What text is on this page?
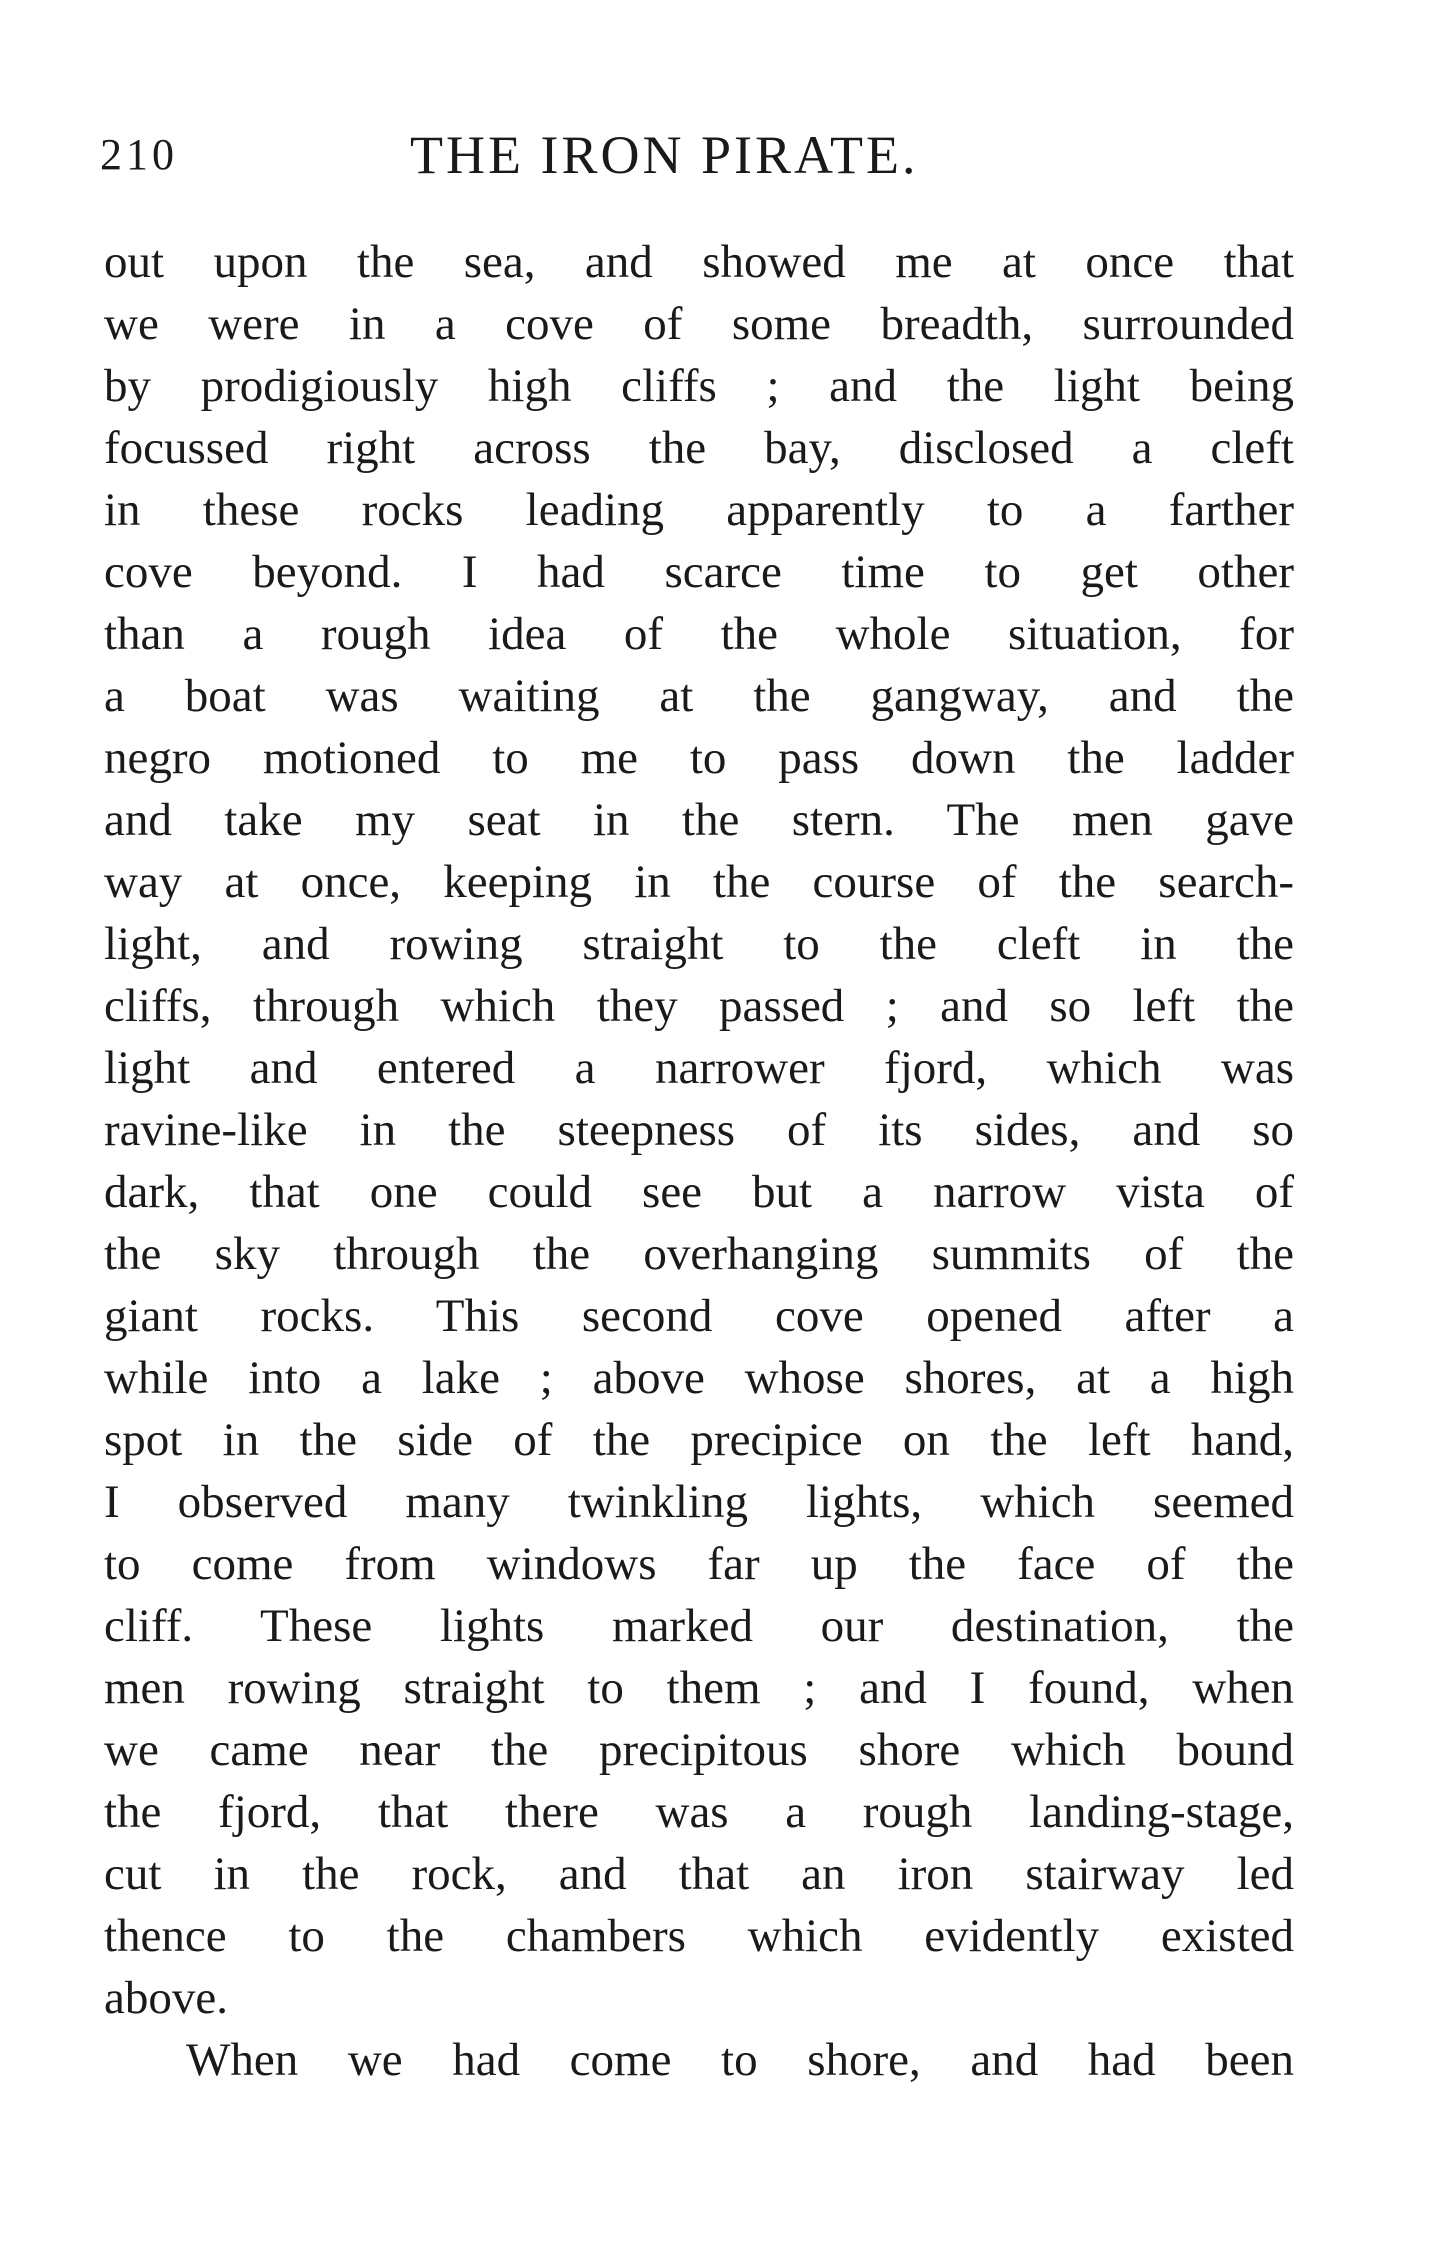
210	THE IRON PIRATE.
out upon the sea, and showed me at once that
we were in a cove of some breadth, surrounded
by prodigiously high cliffs ; and the light being
focussed right across the bay, disclosed a cleft
in these rocks leading apparently to a farther
cove beyond. I had scarce time to get other
than a rough idea of the whole situation, for
a boat was waiting at the gangway, and the
negro motioned to me to pass down the ladder
and take my seat in the stern. The men gave
way at once, keeping in the course of the search-
light, and rowing straight to the cleft in the
cliffs, through which they passed ; and so left the
light and entered a narrower fjord, which was
ravine-like in the steepness of its sides, and so
dark, that one could see but a narrow vista of
the sky through the overhanging summits of the
giant rocks. This second cove opened after a
while into a lake ; above whose shores, at a high
spot in the side of the precipice on the left hand,
I observed many twinkling lights, which seemed
to come from windows far up the face of the
cliff. These lights marked our destination, the
men rowing straight to them ; and I found, when
we came near the precipitous shore which bound
the fjord, that there was a rough landing-stage,
cut in the rock, and that an iron stairway led
thence to the chambers which evidently existed
above.
When we had come to shore, and had been
